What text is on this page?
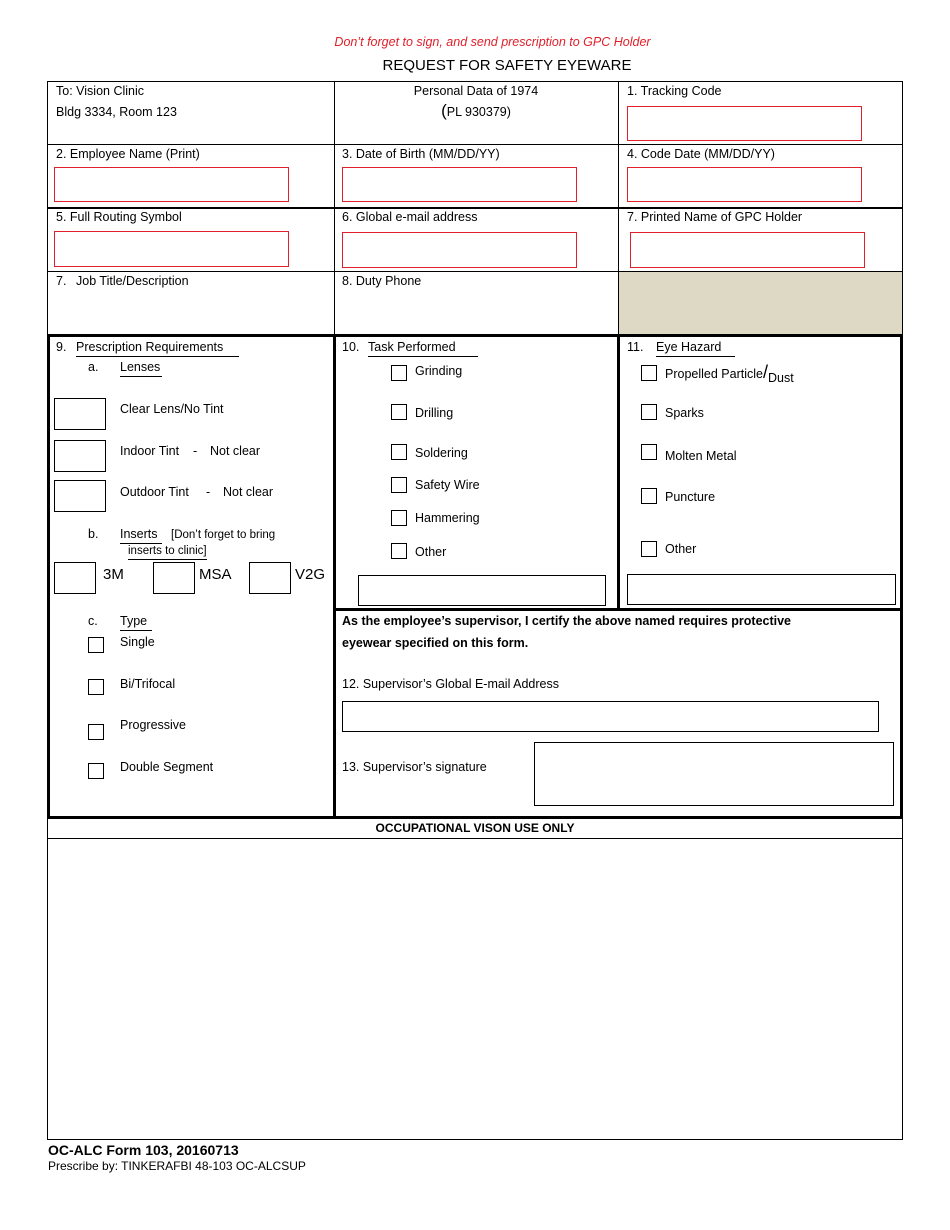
Don’t forget to sign, and send prescription to GPC Holder
REQUEST FOR SAFETY EYEWARE
To: Vision Clinic
Bldg 3334, Room 123
Personal Data of 1974
(PL 930379)
1. Tracking Code
2. Employee Name (Print)	3. Date of Birth (MM/DD/YY)	4. Code Date (MM/DD/YY)
5. Full Routing Symbol	6. Global e-mail address	7. Printed Name of GPC Holder
7. Job Title/Description	8. Duty Phone
9. Prescription Requirements
a. Lenses
Clear Lens/No Tint
Indoor Tint - Not clear
Outdoor Tint - Not clear
b. Inserts	[Don’t forget to bring
inserts to clinic]
3M	MSA	V2G
c. Type
Single
Bi/Trifocal
Progressive
Double Segment
10. Task Performed
Grinding
Drilling
Soldering
Safety Wire
Hammering
Other
11. Eye Hazard
Propelled Particle/Dust
Sparks
Molten Metal
Puncture
Other
As the employee’s supervisor, I certify the above named requires protective
eyewear specified on this form.
12. Supervisor’s Global E-mail Address
13. Supervisor’s signature
OCCUPATIONAL VISON USE ONLY
OC-ALC Form 103, 20160713
Prescribe by: TINKERAFBI 48-103 OC-ALCSUP
